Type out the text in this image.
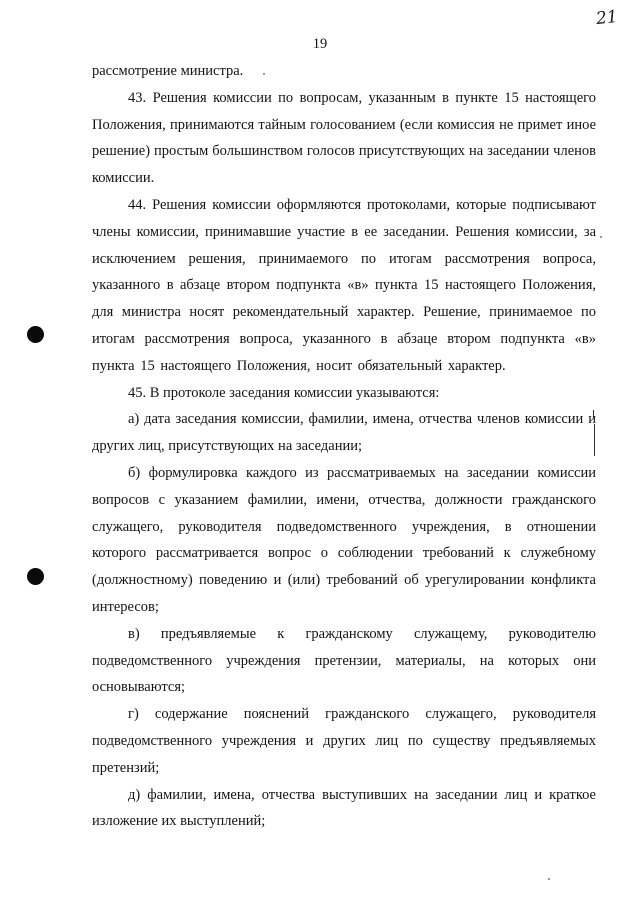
21
19

рассмотрение министра.

43. Решения комиссии по вопросам, указанным в пункте 15 настоящего Положения, принимаются тайным голосованием (если комиссия не примет иное решение) простым большинством голосов присутствующих на заседании членов комиссии.

44. Решения комиссии оформляются протоколами, которые подписывают члены комиссии, принимавшие участие в ее заседании. Решения комиссии, за исключением решения, принимаемого по итогам рассмотрения вопроса, указанного в абзаце втором подпункта «в» пункта 15 настоящего Положения, для министра носят рекомендательный характер. Решение, принимаемое по итогам рассмотрения вопроса, указанного в абзаце втором подпункта «в» пункта 15 настоящего Положения, носит обязательный характер.

45. В протоколе заседания комиссии указываются:

а) дата заседания комиссии, фамилии, имена, отчества членов комиссии и других лиц, присутствующих на заседании;

б) формулировка каждого из рассматриваемых на заседании комиссии вопросов с указанием фамилии, имени, отчества, должности гражданского служащего, руководителя подведомственного учреждения, в отношении которого рассматривается вопрос о соблюдении требований к служебному (должностному) поведению и (или) требований об урегулировании конфликта интересов;

в) предъявляемые к гражданскому служащему, руководителю подведомственного учреждения претензии, материалы, на которых они основываются;

г) содержание пояснений гражданского служащего, руководителя подведомственного учреждения и других лиц по существу предъявляемых претензий;

д) фамилии, имена, отчества выступивших на заседании лиц и краткое изложение их выступлений;
